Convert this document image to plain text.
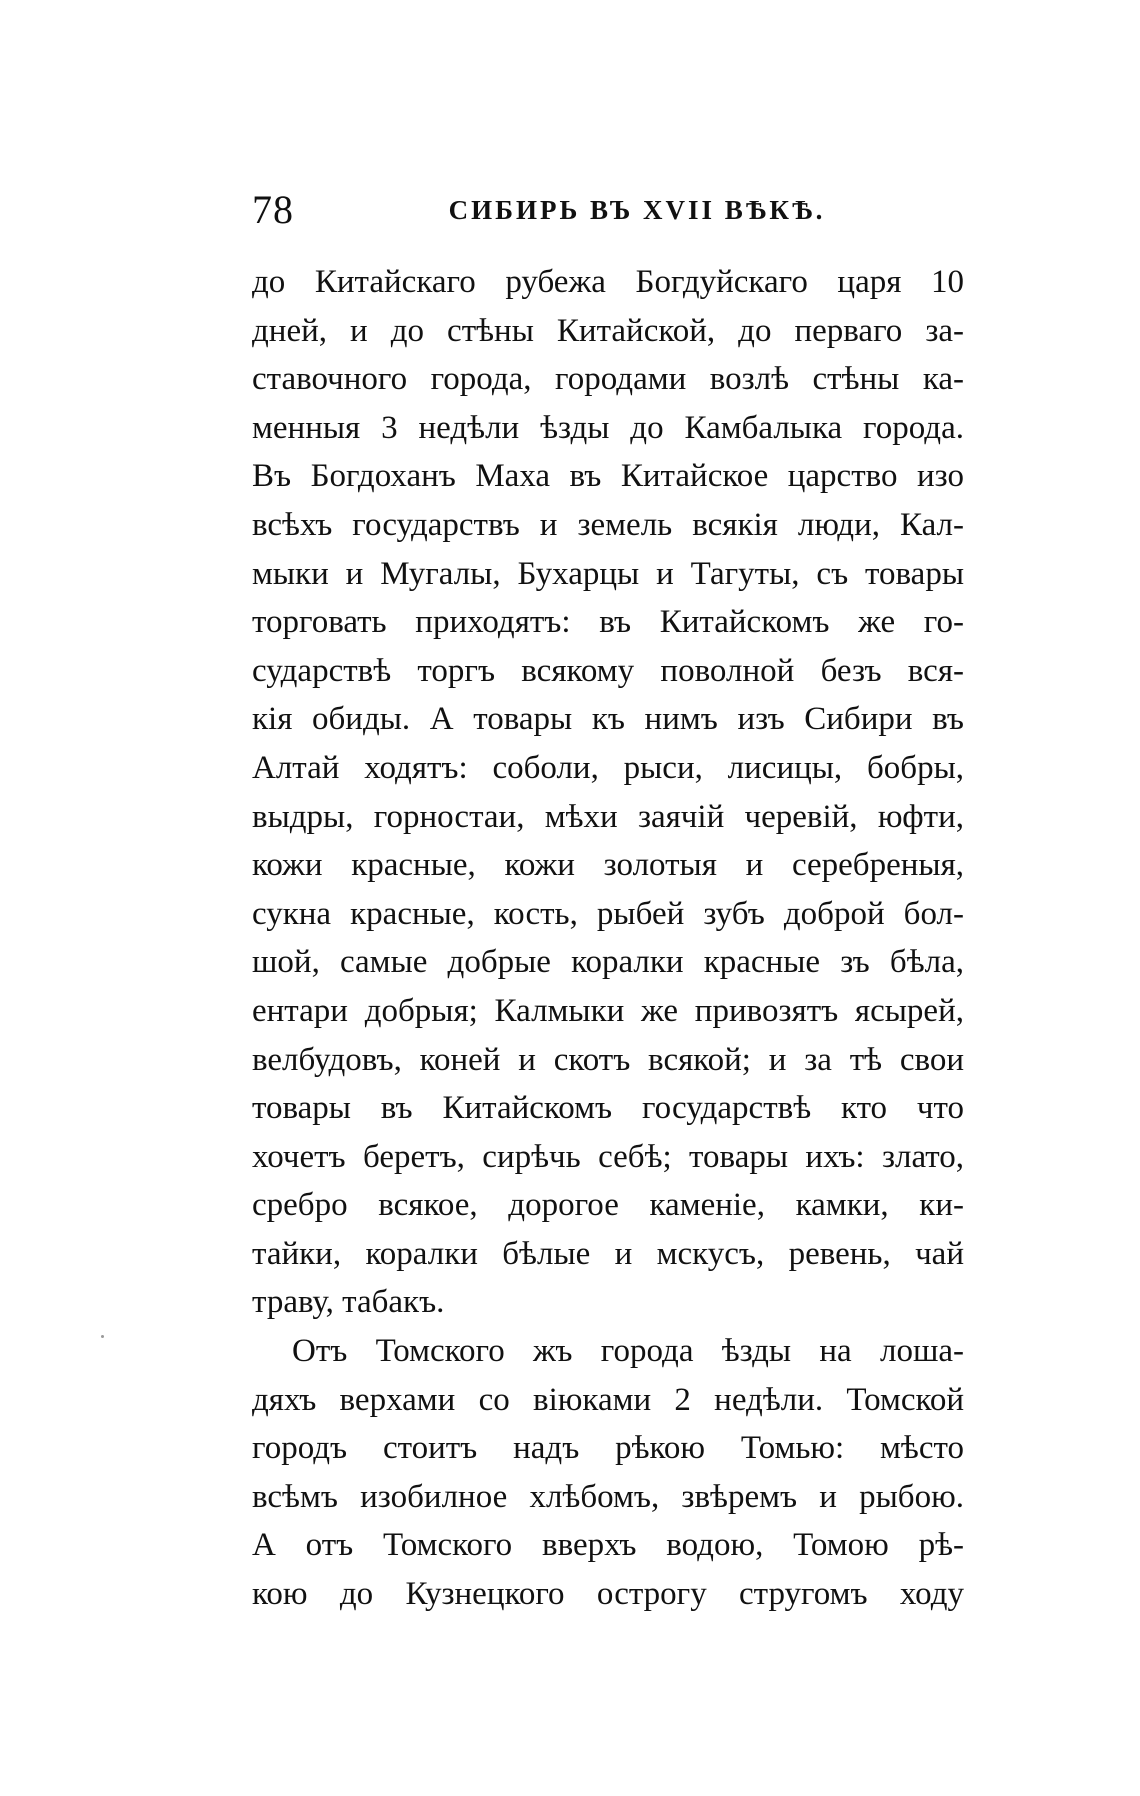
78	СИБИРЬ ВЪ XVII ВѢКѢ.
до Китайскаго рубежа Богдуйскаго царя 10
дней, и до стѣны Китайской, до перваго за-
ставочного города, городами возлѣ стѣны ка-
менныя 3 недѣли ѣзды до Камбалыка города.
Въ Богдоханъ Маха въ Китайское царство изо
всѣхъ государствъ и земель всякія люди, Кал-
мыки и Мугалы, Бухарцы и Тагуты, съ товары
торговать приходятъ: въ Китайскомъ же го-
сударствѣ торгъ всякому поволной безъ вся-
кія обиды. А товары къ нимъ изъ Сибири въ
Алтай ходятъ: соболи, рыси, лисицы, бобры,
выдры, горностаи, мѣхи заячій черевій, юфти,
кожи красные, кожи золотыя и серебреныя,
сукна красные, кость, рыбей зубъ доброй бол-
шой, самые добрые коралки красные зъ бѣла,
ентари добрыя; Калмыки же привозятъ ясырей,
велбудовъ, коней и скотъ всякой; и за тѣ свои
товары въ Китайскомъ государствѣ кто что
хочетъ беретъ, сирѣчь себѣ; товары ихъ: злато,
сребро всякое, дорогое каменіе, камки, ки-
тайки, коралки бѣлые и мскусъ, ревень, чай
траву, табакъ.
Отъ Томского жъ города ѣзды на лоша-
дяхъ верхами со віюками 2 недѣли. Томской
городъ стоитъ надъ рѣкою Томью: мѣсто
всѣмъ изобилное хлѣбомъ, звѣремъ и рыбою.
А отъ Томского вверхъ водою, Томою рѣ-
кою до Кузнецкого острогу стругомъ ходу
